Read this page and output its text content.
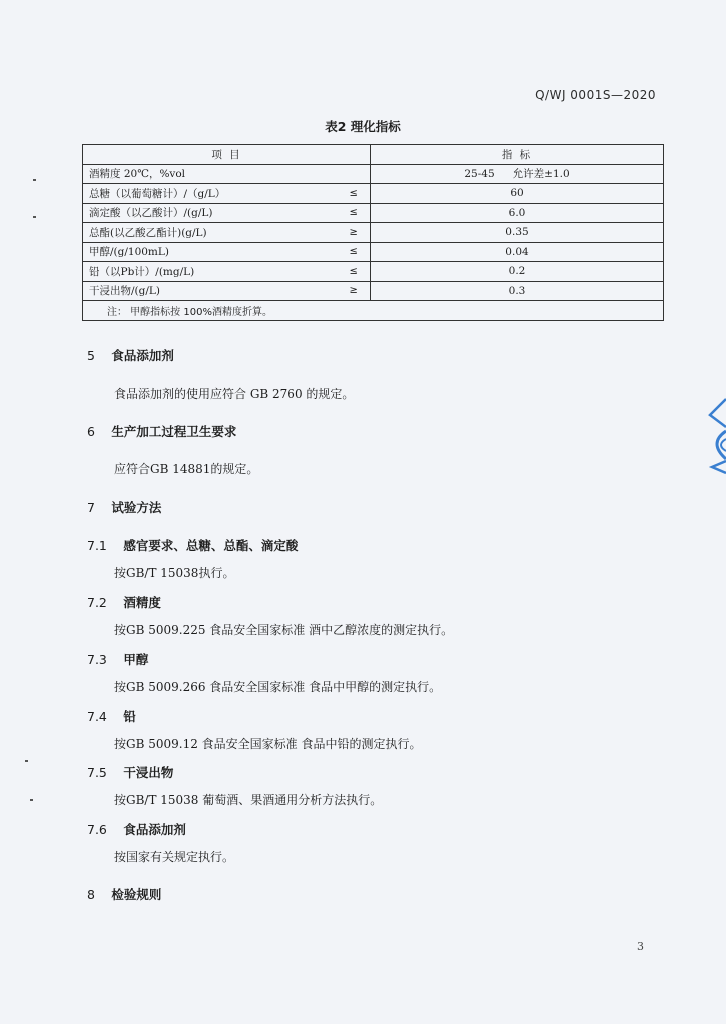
Q/WJ 0001S—2020
表2 理化指标
项 目		指 标
酒精度 20℃，%vol		25-45 允许差±1.0
总糖（以葡萄糖计）/（g/L）	≤	60
滴定酸（以乙酸计）/(g/L)	≤	6.0
总酯(以乙酸乙酯计)(g/L)	≥	0.35
甲醇/(g/100mL)	≤	0.04
铅（以Pb计）/(mg/L)	≤	0.2
干浸出物/(g/L)	≥	0.3
注： 甲醇指标按 100%酒精度折算。		
5 食品添加剂
食品添加剂的使用应符合 GB 2760 的规定。
6 生产加工过程卫生要求
应符合GB 14881的规定。
7 试验方法
7.1 感官要求、总糖、总酯、滴定酸
按GB/T 15038执行。
7.2 酒精度
按GB 5009.225 食品安全国家标准 酒中乙醇浓度的测定执行。
7.3 甲醇
按GB 5009.266 食品安全国家标准 食品中甲醇的测定执行。
7.4 铅
按GB 5009.12 食品安全国家标准 食品中铅的测定执行。
7.5 干浸出物
按GB/T 15038 葡萄酒、果酒通用分析方法执行。
7.6 食品添加剂
按国家有关规定执行。
8 检验规则
3
